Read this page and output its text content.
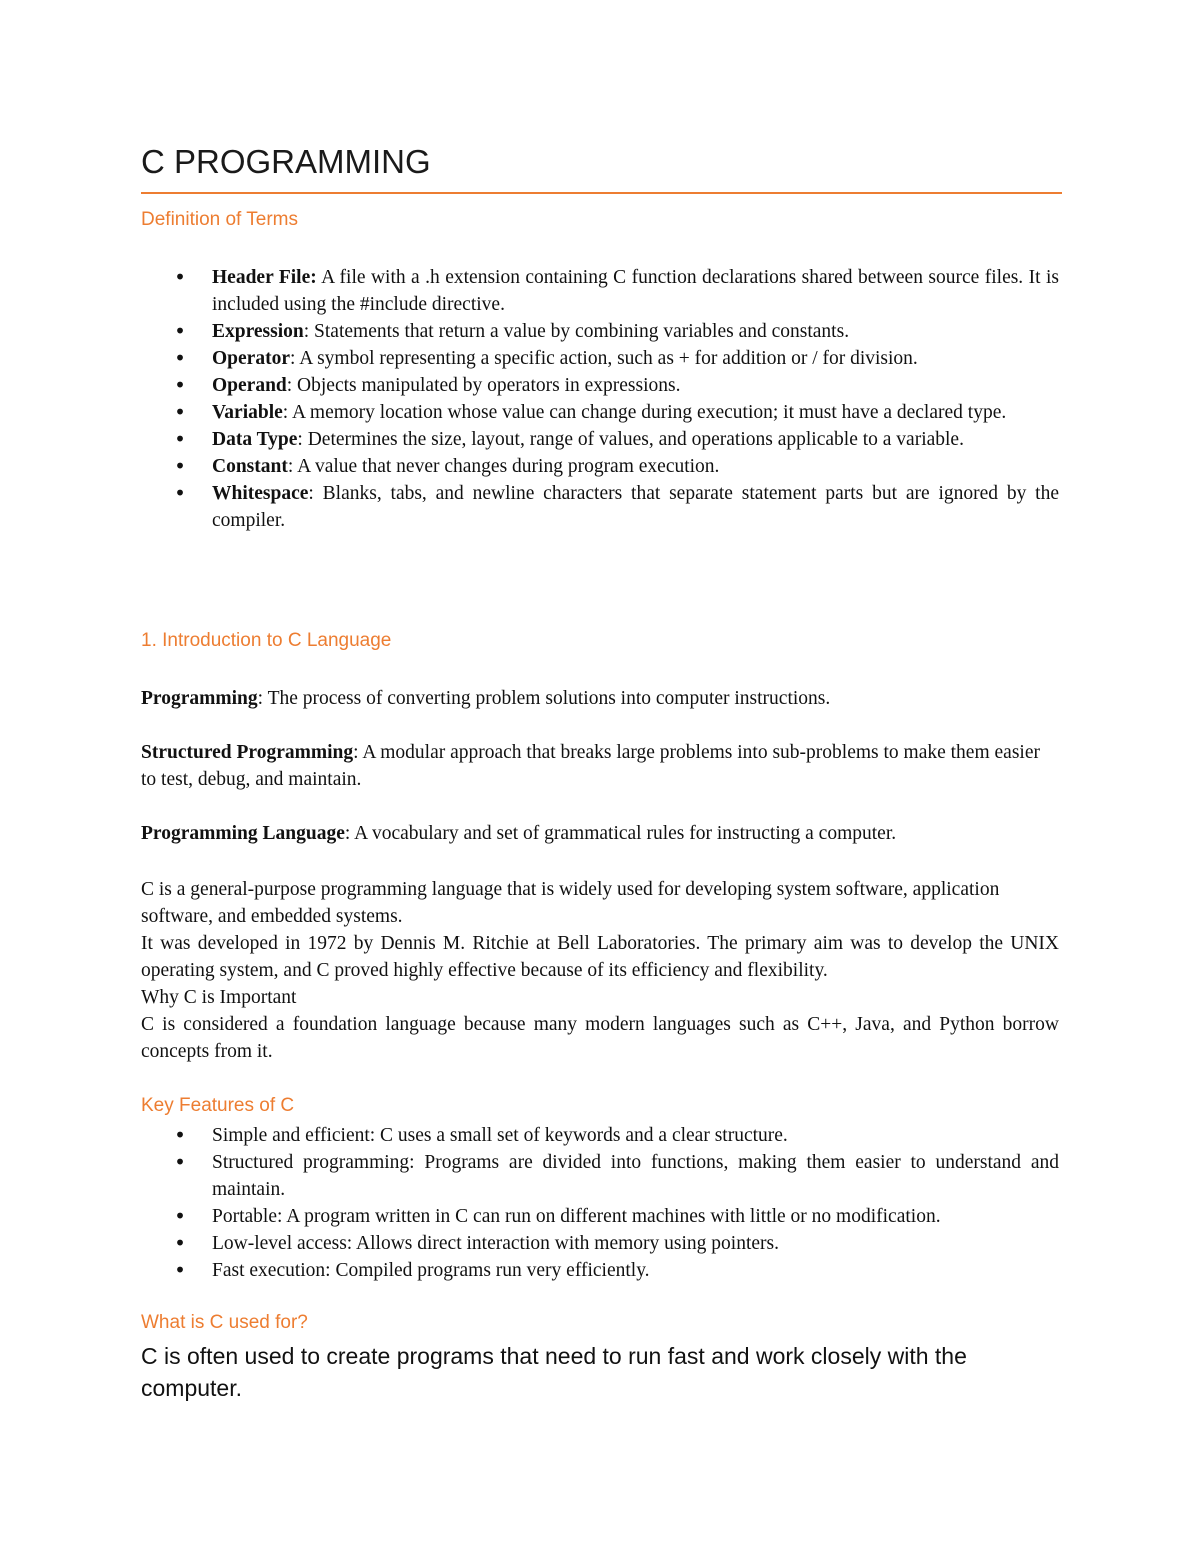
C PROGRAMMING
Definition of Terms
•
Header File: A file with a .h extension containing C function declarations shared between source files. It is included using the #include directive.
•
Expression: Statements that return a value by combining variables and constants.
•
Operator: A symbol representing a specific action, such as + for addition or / for division.
•
Operand: Objects manipulated by operators in expressions.
•
Variable: A memory location whose value can change during execution; it must have a declared type.
•
Data Type: Determines the size, layout, range of values, and operations applicable to a variable.
•
Constant: A value that never changes during program execution.
•
Whitespace: Blanks, tabs, and newline characters that separate statement parts but are ignored by the compiler.
1. Introduction to C Language

Programming: The process of converting problem solutions into computer instructions.

Structured Programming: A modular approach that breaks large problems into sub-problems to make them easier to test, debug, and maintain.

Programming Language: A vocabulary and set of grammatical rules for instructing a computer.

C is a general-purpose programming language that is widely used for developing system software, application software, and embedded systems.

It was developed in 1972 by Dennis M. Ritchie at Bell Laboratories. The primary aim was to develop the UNIX operating system, and C proved highly effective because of its efficiency and flexibility.

Why C is Important

C is considered a foundation language because many modern languages such as C++, Java, and Python borrow concepts from it.

Key Features of C
•
Simple and efficient: C uses a small set of keywords and a clear structure.
•
Structured programming: Programs are divided into functions, making them easier to understand and maintain.
•
Portable: A program written in C can run on different machines with little or no modification.
•
Low-level access: Allows direct interaction with memory using pointers.
•
Fast execution: Compiled programs run very efficiently.
What is C used for?

C is often used to create programs that need to run fast and work closely with the computer.
